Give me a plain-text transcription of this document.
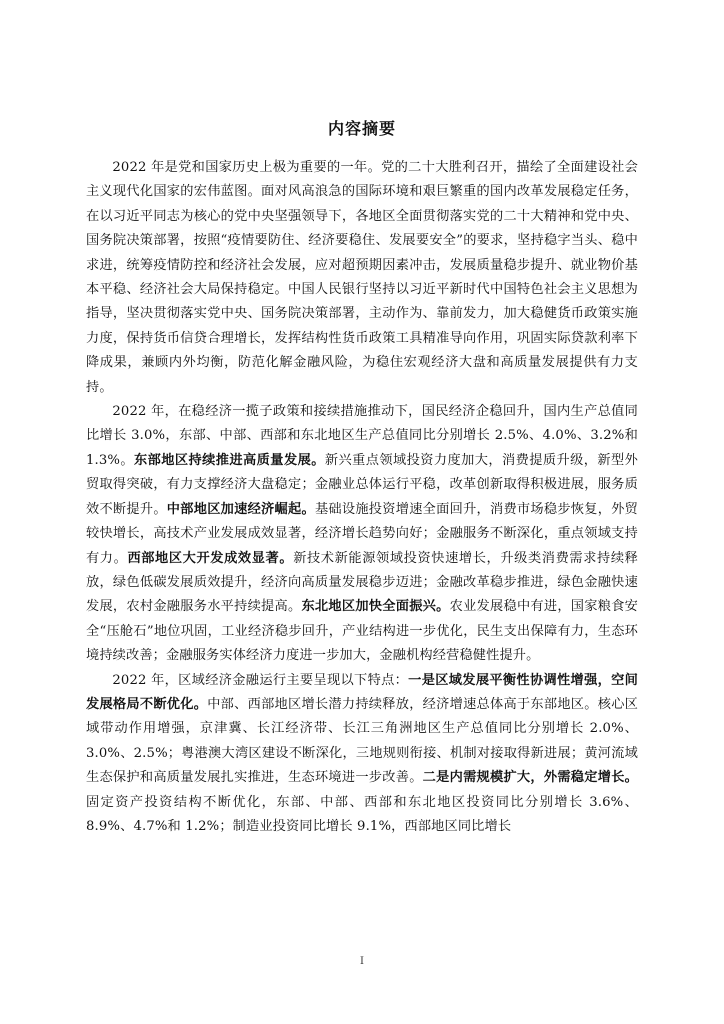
内容摘要

2022 年是党和国家历史上极为重要的一年。党的二十大胜利召开，描绘了全面建设社会主义现代化国家的宏伟蓝图。面对风高浪急的国际环境和艰巨繁重的国内改革发展稳定任务，在以习近平同志为核心的党中央坚强领导下，各地区全面贯彻落实党的二十大精神和党中央、国务院决策部署，按照“疫情要防住、经济要稳住、发展要安全”的要求，坚持稳字当头、稳中求进，统筹疫情防控和经济社会发展，应对超预期因素冲击，发展质量稳步提升、就业物价基本平稳、经济社会大局保持稳定。中国人民银行坚持以习近平新时代中国特色社会主义思想为指导，坚决贯彻落实党中央、国务院决策部署，主动作为、靠前发力，加大稳健货币政策实施力度，保持货币信贷合理增长，发挥结构性货币政策工具精准导向作用，巩固实际贷款利率下降成果，兼顾内外均衡，防范化解金融风险，为稳住宏观经济大盘和高质量发展提供有力支持。

2022 年，在稳经济一揽子政策和接续措施推动下，国民经济企稳回升，国内生产总值同比增长 3.0%，东部、中部、西部和东北地区生产总值同比分别增长 2.5%、4.0%、3.2%和 1.3%。东部地区持续推进高质量发展。新兴重点领域投资力度加大，消费提质升级，新型外贸取得突破，有力支撑经济大盘稳定；金融业总体运行平稳，改革创新取得积极进展，服务质效不断提升。中部地区加速经济崛起。基础设施投资增速全面回升，消费市场稳步恢复，外贸较快增长，高技术产业发展成效显著，经济增长趋势向好；金融服务不断深化，重点领域支持有力。西部地区大开发成效显著。新技术新能源领域投资快速增长，升级类消费需求持续释放，绿色低碳发展质效提升，经济向高质量发展稳步迈进；金融改革稳步推进，绿色金融快速发展，农村金融服务水平持续提高。东北地区加快全面振兴。农业发展稳中有进，国家粮食安全“压舱石”地位巩固，工业经济稳步回升，产业结构进一步优化，民生支出保障有力，生态环境持续改善；金融服务实体经济力度进一步加大，金融机构经营稳健性提升。

2022 年，区域经济金融运行主要呈现以下特点：一是区域发展平衡性协调性增强，空间发展格局不断优化。中部、西部地区增长潜力持续释放，经济增速总体高于东部地区。核心区域带动作用增强，京津冀、长江经济带、长江三角洲地区生产总值同比分别增长 2.0%、3.0%、2.5%；粤港澳大湾区建设不断深化，三地规则衔接、机制对接取得新进展；黄河流域生态保护和高质量发展扎实推进，生态环境进一步改善。二是内需规模扩大，外需稳定增长。固定资产投资结构不断优化，东部、中部、西部和东北地区投资同比分别增长 3.6%、8.9%、4.7%和 1.2%；制造业投资同比增长 9.1%，西部地区同比增长

I
